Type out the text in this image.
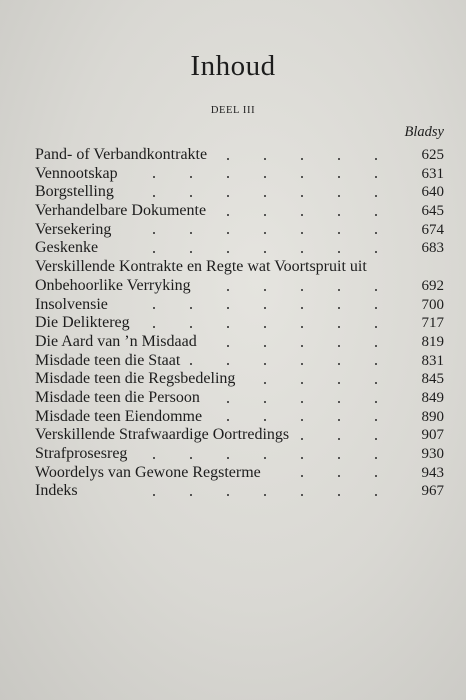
Inhoud
DEEL III
Bladsy
Pand- of Verbandkontrakte	625
Vennootskap	631
Borgstelling	640
Verhandelbare Dokumente	645
Versekering	674
Geskenke	683
Verskillende Kontrakte en Regte wat Voortspruit uit
Onbehoorlike Verryking	692
Insolvensie	700
Die Deliktereg	717
Die Aard van ’n Misdaad	819
Misdade teen die Staat	831
Misdade teen die Regsbedeling	845
Misdade teen die Persoon	849
Misdade teen Eiendomme	890
Verskillende Strafwaardige Oortredings	907
Strafprosesreg	930
Woordelys van Gewone Regsterme	943
Indeks	967
